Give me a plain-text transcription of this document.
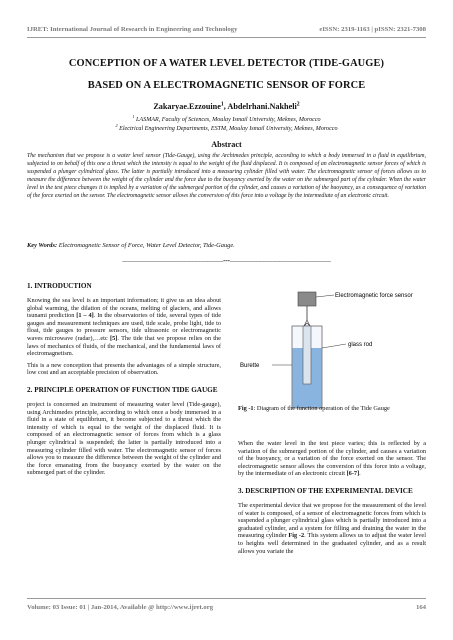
IJRET: International Journal of Research in Engineering and Technology	eISSN: 2319-1163 | pISSN: 2321-7308
CONCEPTION OF A WATER LEVEL DETECTOR (TIDE-GAUGE)
BASED ON A ELECTROMAGNETIC SENSOR OF FORCE
Zakaryae.Ezzouine$^1$, Abdelrhani.Nakheli$^2$
$^1$ LASMAR, Faculty of Sciences, Moulay Ismail University, Meknes, Morocco
$^2$ Electrical Engineering Departments, ESTM, Moulay Ismail University, Meknes, Morocco
Abstract
The mechanism that we propose is a water level sensor (Tide-Gauge), using the Archimedes principle, according to which a body immersed in a fluid in equilibrium, subjected to on behalf of this one a thrust which the intensity is equal to the weight of the fluid displaced. It is composed of an electromagnetic sensor forces of which is suspended a plunger cylindrical glass. The latter is partially introduced into a measuring cylinder filled with water. The electromagnetic sensor of forces allows us to measure the difference between the weight of the cylinder and the force due to the buoyancy exerted by the water on the submerged part of the cylinder. When the water level in the test piece changes it is implied by a variation of the submerged portion of the cylinder, and causes a variation of the buoyancy, as a consequence of variation of the force exerted on the sensor. The electromagnetic sensor allows the conversion of this force into a voltage by the intermediate of an electronic circuit.
Key Words: Electromagnetic Sensor of Force, Water Level Detector, Tide-Gauge.
--------------------------------------------------------------------------***--------------------------------------------------------------------------
1. INTRODUCTION

Knowing the sea level is an important information; it give us an idea about global warming, the dilation of the oceans, melting of glaciers, and allows tsunami prediction [1 – 4]. In the observatories of tide, several types of tide gauges and measurement techniques are used, tide scale, probe light, tide to float, tide gauges to pressure sensors, tide ultrasonic or electromagnetic waves microwave (radar),…etc [5]. The tide that we propose relies on the laws of mechanics of fluids, of the mechanical, and the fundamental laws of electromagnetism.

This is a new conception that presents the advantages of a simple structure, low cost and an acceptable precision of observation.

2. PRINCIPLE OPERATION OF FUNCTION TIDE GAUGE

project is concerned an instrument of measuring water level (Tide-gauge), using Archimedes principle, according to which once a body immersed in a fluid in a state of equilibrium, it become subjected to a thrust which the intensity of which is equal to the weight of the displaced fluid. It is composed of an electromagnetic sensor of forces from which is a glass plunger cylindrical is suspended; the latter is partially introduced into a measuring cylinder filled with water. The electromagnetic sensor of forces allows you to measure the difference between the weight of the cylinder and the force emanating from the buoyancy exerted by the water on the submerged part of the cylinder.

Electromagnetic force sensor
glass rod
Burette
Fig -1: Diagram of the function operation of the Tide Gauge

When the water level in the test piece varies; this is reflected by a variation of the submerged portion of the cylinder, and causes a variation of the buoyancy, or a variation of the force exerted on the sensor. The electromagnetic sensor allows the conversion of this force into a voltage, by the intermediate of an electronic circuit [6-7].

3. DESCRIPTION OF THE EXPERIMENTAL DEVICE

The experimental device that we propose for the measurement of the level of water is composed, of a sensor of electromagnetic forces from which is suspended a plunger cylindrical glass which is partially introduced into a graduated cylinder, and a system for filling and draining the water in the measuring cylinder Fig -2. This system allows us to adjust the water level to heights well determined in the graduated cylinder, and as a result allows you variate the

Volume: 03 Issue: 01 | Jan-2014, Available @ http://www.ijret.org	164
